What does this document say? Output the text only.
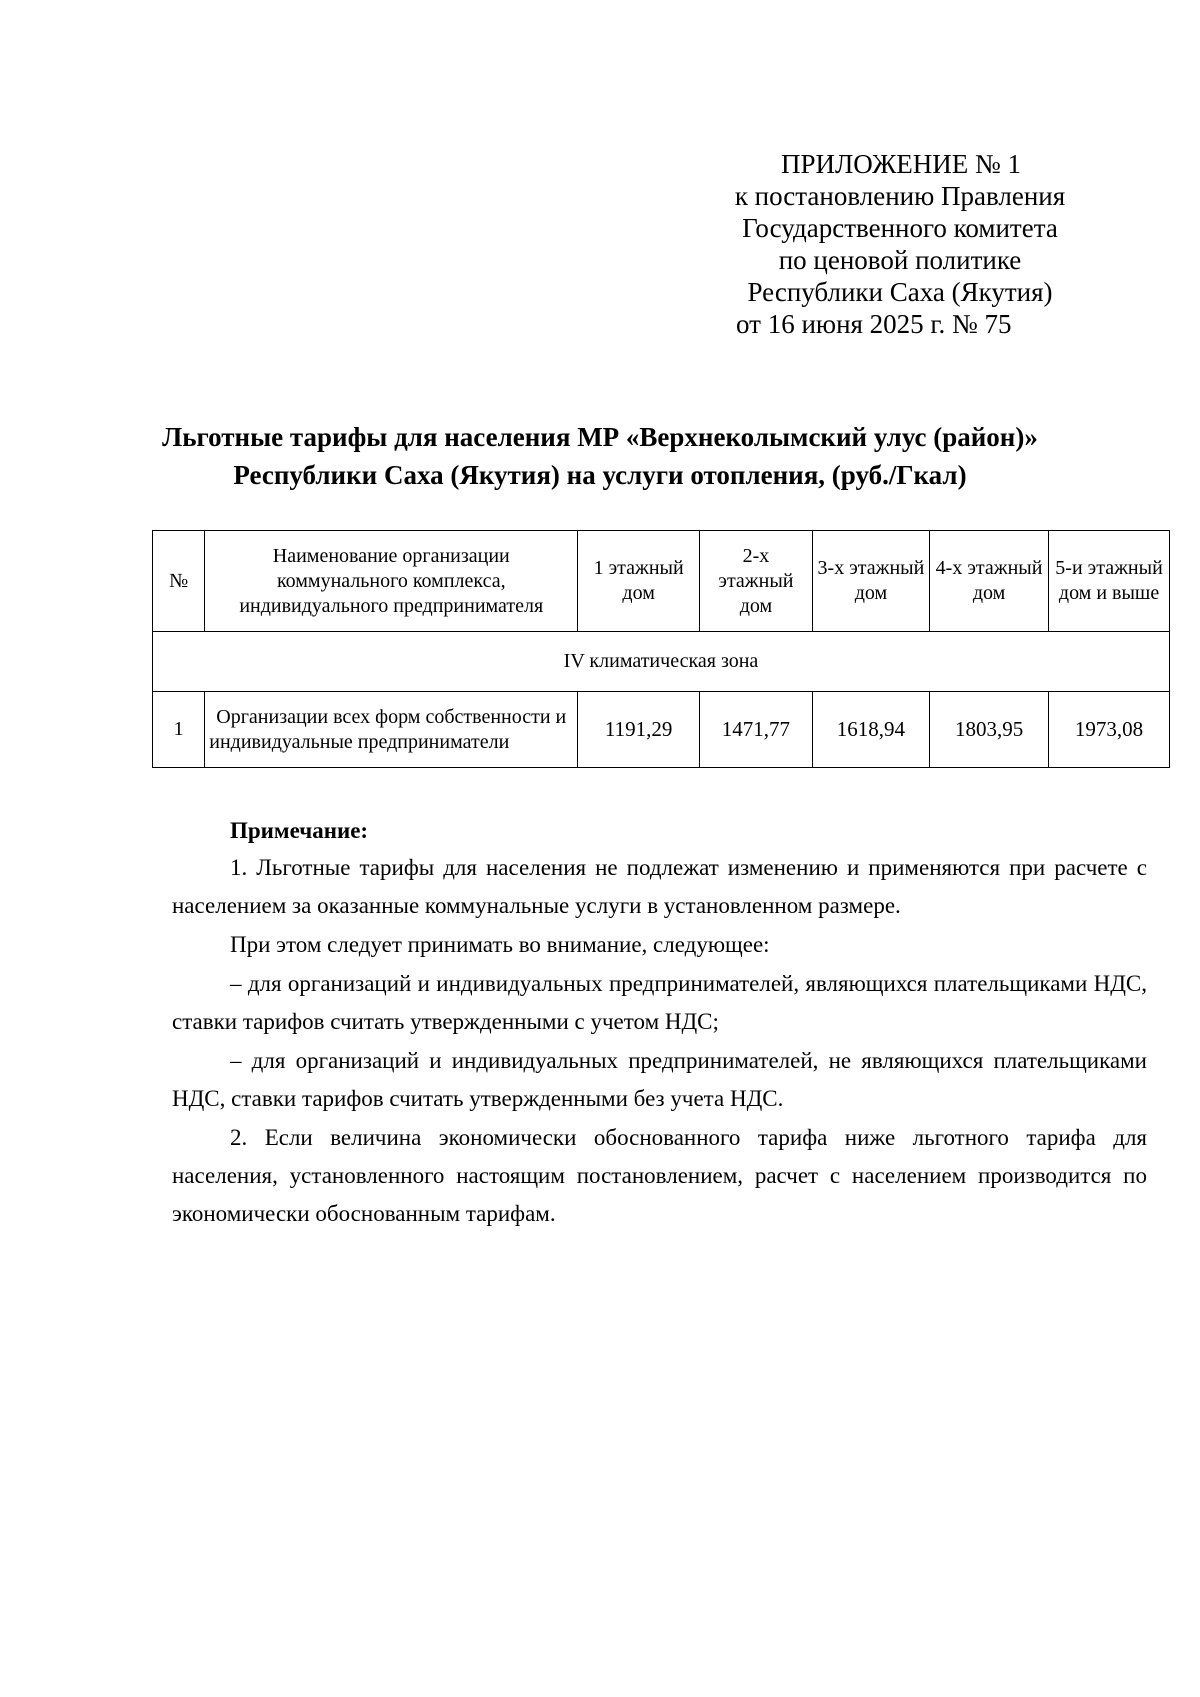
ПРИЛОЖЕНИЕ № 1
к постановлению Правления
Государственного комитета
по ценовой политике
Республики Саха (Якутия)
от 16 июня 2025 г. № 75
Льготные тарифы для населения МР «Верхнеколымский улус (район)»
Республики Саха (Якутия) на услуги отопления, (руб./Гкал)
№	Наименование организации коммунального комплекса, индивидуального предпринимателя	1 этажный дом	2-х этажный дом	3-х этажный дом	4-х этажный дом	5-и этажный дом и выше
IV климатическая зона						
1	Организации всех форм собственности и индивидуальные предприниматели	1191,29	1471,77	1618,94	1803,95	1973,08
Примечание:

1. Льготные тарифы для населения не подлежат изменению и применяются при расчете с населением за оказанные коммунальные услуги в установленном размере.

При этом следует принимать во внимание, следующее:

– для организаций и индивидуальных предпринимателей, являющихся плательщиками НДС, ставки тарифов считать утвержденными с учетом НДС;

– для организаций и индивидуальных предпринимателей, не являющихся плательщиками НДС, ставки тарифов считать утвержденными без учета НДС.

2. Если величина экономически обоснованного тарифа ниже льготного тарифа для населения, установленного настоящим постановлением, расчет с населением производится по экономически обоснованным тарифам.
